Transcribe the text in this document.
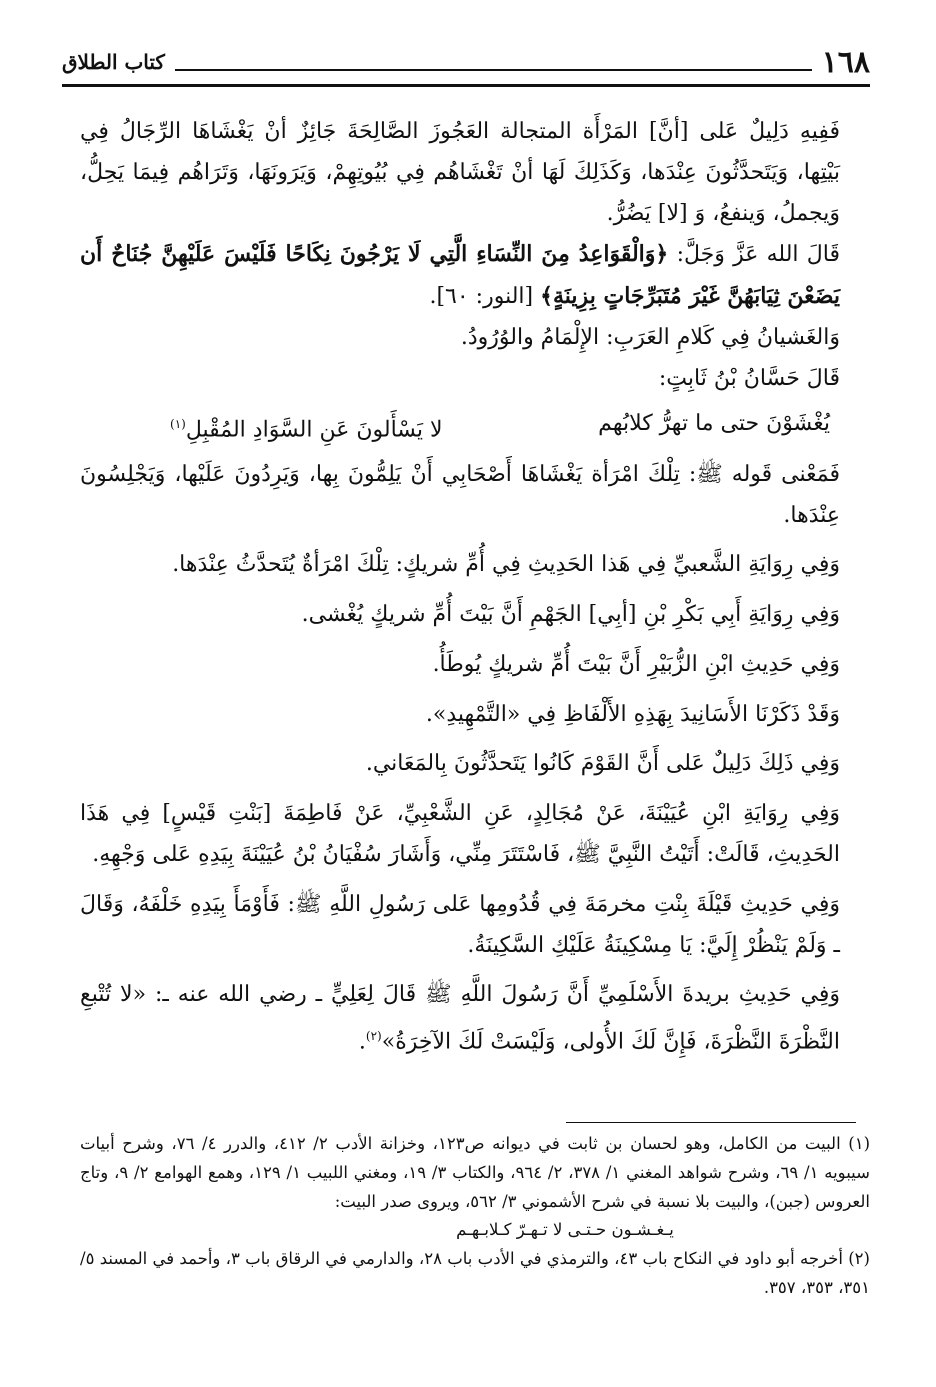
١٦٨
كتاب الطلاق

فَفِيهِ دَلِيلٌ عَلى [أنَّ] المَرْأَة المتجالة العَجُوزَ الصَّالِحَةَ جَائِزٌ أنْ يَغْشَاهَا الرِّجَالُ فِي بَيْتِها، وَيَتَحدَّثُونَ عِنْدَها، وَكَذَلِكَ لَهَا أنْ تَغْشَاهُم فِي بُيُوتِهِمْ، وَيَرَونَهَا، وَتَرَاهُم فِيمَا يَحِلُّ، وَيجملُ، وَينفعُ، وَ [لا] يَضُرُّ.

قَالَ الله عَزَّ وَجَلَّ: ﴿وَالْقَوَاعِدُ مِنَ النِّسَاءِ الَّتِي لَا يَرْجُونَ نِكَاحًا فَلَيْسَ عَلَيْهِنَّ جُنَاحٌ أَن يَضَعْنَ ثِيَابَهُنَّ غَيْرَ مُتَبَرِّجَاتٍ بِزِينَةٍ﴾ [النور: ٦٠].

وَالغَشيانُ فِي كَلامِ العَرَبِ: الإِلْمَامُ والوُرُودُ.

قَالَ حَسَّانُ بْنُ ثَابِتٍ:

يُغْشَوْنَ حتى ما تهرُّ كلابُهم
لا يَسْأَلونَ عَنِ السَّوَادِ المُقْبِلِ$^{(١)}$

فَمَعْنى قَوله ﷺ: تِلْكَ امْرَأة يَغْشَاهَا أَصْحَابِي أَنْ يَلِمُّونَ بِها، وَيَرِدُونَ عَلَيْها، وَيَجْلِسُونَ عِنْدَها.

وَفِي رِوَايَةِ الشَّعبيِّ فِي هَذا الحَدِيثِ فِي أُمِّ شريكٍ: تِلْكَ امْرَأةٌ يُتَحدَّثُ عِنْدَها.

وَفِي رِوَايَةِ أَبِي بَكْرِ بْنِ [أبِي] الجَهْمِ أَنَّ بَيْتَ أُمِّ شريكٍ يُغْشى.

وَفِي حَدِيثِ ابْنِ الزُّبَيْرِ أَنَّ بَيْتَ أُمِّ شريكٍ يُوطَأُ.

وَقَدْ ذَكَرْنَا الأَسَانِيدَ بِهَذِهِ الأَلْفَاظِ فِي «التَّمْهِيدِ».

وَفِي ذَلِكَ دَلِيلٌ عَلى أَنَّ القَوْمَ كَانُوا يَتَحدَّثُونَ بِالمَعَاني.

وَفِي رِوَايَةِ ابْنِ عُيَيْنَةَ، عَنْ مُجَالِدٍ، عَنِ الشَّعْبِيِّ، عَنْ فَاطِمَةَ [بَنْتِ قَيْسٍ] فِي هَذَا الحَدِيثِ، قَالَتْ: أَتَيْتُ النَّبِيَّ ﷺ، فَاسْتَتَرَ مِنِّي، وَأَشَارَ سُفْيَانُ بْنُ عُيَيْنَةَ بِيَدِهِ عَلى وَجْهِهِ.

وَفِي حَدِيثِ قَيْلَةَ بِنْتِ مخرمَةَ فِي قُدُومِها عَلى رَسُولِ اللَّهِ ﷺ: فَأَوْمَأَ بِيَدِهِ خَلْفَهُ، وَقَالَ ـ وَلَمْ يَنْظُرْ إِلَيَّ: يَا مِسْكِينَةُ عَلَيْكِ السَّكِينَةُ.

وَفِي حَدِيثِ بريدةَ الأَسْلَمِيِّ أَنَّ رَسُولَ اللَّهِ ﷺ قَالَ لِعَلِيٍّ ـ رضي الله عنه ـ: «لا تُتْبعِ النَّظْرَةَ النَّظْرَةَ، فَإِنَّ لَكَ الأُولى، وَلَيْسَتْ لَكَ الآخِرَةُ»$^{(٢)}$.

(١) البيت من الكامل، وهو لحسان بن ثابت في ديوانه ص١٢٣، وخزانة الأدب ٢/ ٤١٢، والدرر ٤/ ٧٦، وشرح أبيات سيبويه ١/ ٦٩، وشرح شواهد المغني ١/ ٣٧٨، ٢/ ٩٦٤، والكتاب ٣/ ١٩، ومغني اللبيب ١/ ١٢٩، وهمع الهوامع ٢/ ٩، وتاج العروس (جبن)، والبيت بلا نسبة في شرح الأشموني ٣/ ٥٦٢، ويروى صدر البيت:

يـغـشـون حـتـى لا تـهـرّ كـلابـهـم

(٢) أخرجه أبو داود في النكاح باب ٤٣، والترمذي في الأدب باب ٢٨، والدارمي في الرقاق باب ٣، وأحمد في المسند ٥/ ٣٥١، ٣٥٣، ٣٥٧.
